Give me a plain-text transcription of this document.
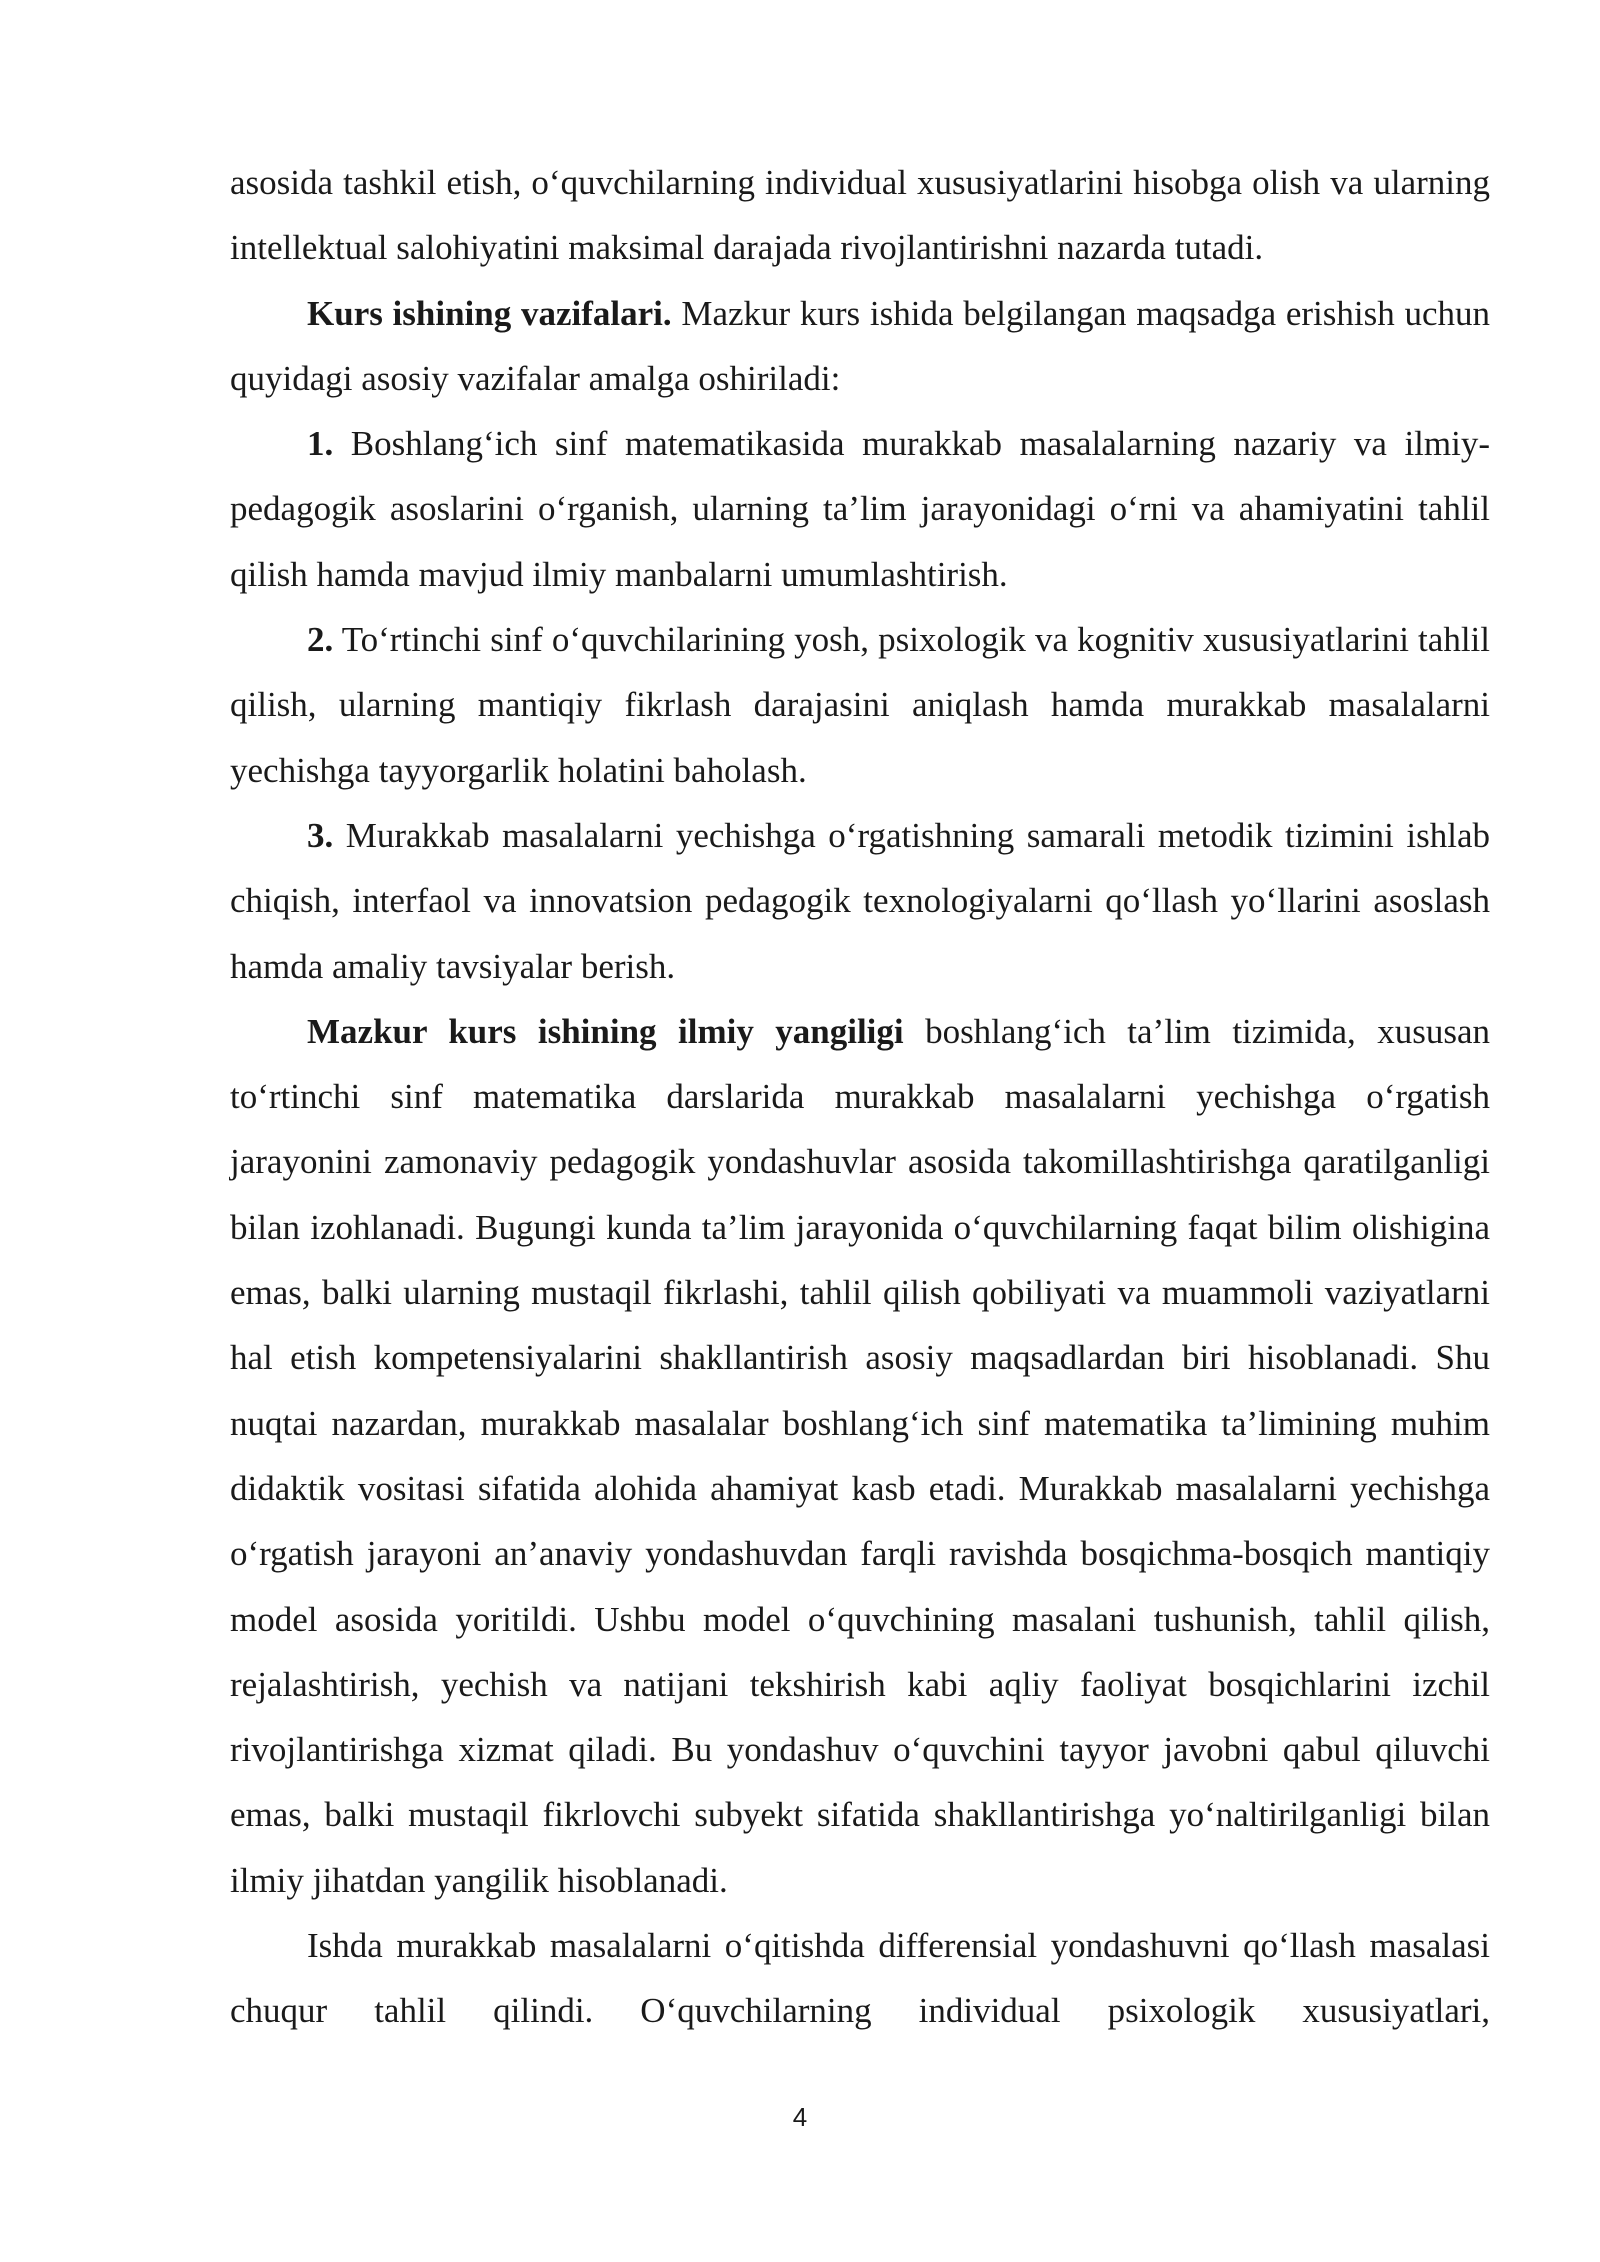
asosida tashkil etish, o‘quvchilarning individual xususiyatlarini hisobga olish va ularning intellektual salohiyatini maksimal darajada rivojlantirishni nazarda tutadi.

Kurs ishining vazifalari. Mazkur kurs ishida belgilangan maqsadga erishish uchun quyidagi asosiy vazifalar amalga oshiriladi:

1. Boshlang‘ich sinf matematikasida murakkab masalalarning nazariy va ilmiy-pedagogik asoslarini o‘rganish, ularning ta’lim jarayonidagi o‘rni va ahamiyatini tahlil qilish hamda mavjud ilmiy manbalarni umumlashtirish.

2. To‘rtinchi sinf o‘quvchilarining yosh, psixologik va kognitiv xususiyatlarini tahlil qilish, ularning mantiqiy fikrlash darajasini aniqlash hamda murakkab masalalarni yechishga tayyorgarlik holatini baholash.

3. Murakkab masalalarni yechishga o‘rgatishning samarali metodik tizimini ishlab chiqish, interfaol va innovatsion pedagogik texnologiyalarni qo‘llash yo‘llarini asoslash hamda amaliy tavsiyalar berish.

Mazkur kurs ishining ilmiy yangiligi boshlang‘ich ta’lim tizimida, xususan to‘rtinchi sinf matematika darslarida murakkab masalalarni yechishga o‘rgatish jarayonini zamonaviy pedagogik yondashuvlar asosida takomillashtirishga qaratilganligi bilan izohlanadi. Bugungi kunda ta’lim jarayonida o‘quvchilarning faqat bilim olishigina emas, balki ularning mustaqil fikrlashi, tahlil qilish qobiliyati va muammoli vaziyatlarni hal etish kompetensiyalarini shakllantirish asosiy maqsadlardan biri hisoblanadi. Shu nuqtai nazardan, murakkab masalalar boshlang‘ich sinf matematika ta’limining muhim didaktik vositasi sifatida alohida ahamiyat kasb etadi. Murakkab masalalarni yechishga o‘rgatish jarayoni an’anaviy yondashuvdan farqli ravishda bosqichma-bosqich mantiqiy model asosida yoritildi. Ushbu model o‘quvchining masalani tushunish, tahlil qilish, rejalashtirish, yechish va natijani tekshirish kabi aqliy faoliyat bosqichlarini izchil rivojlantirishga xizmat qiladi. Bu yondashuv o‘quvchini tayyor javobni qabul qiluvchi emas, balki mustaqil fikrlovchi subyekt sifatida shakllantirishga yo‘naltirilganligi bilan ilmiy jihatdan yangilik hisoblanadi.

Ishda murakkab masalalarni o‘qitishda differensial yondashuvni qo‘llash masalasi chuqur tahlil qilindi. O‘quvchilarning individual psixologik xususiyatlari,

4
